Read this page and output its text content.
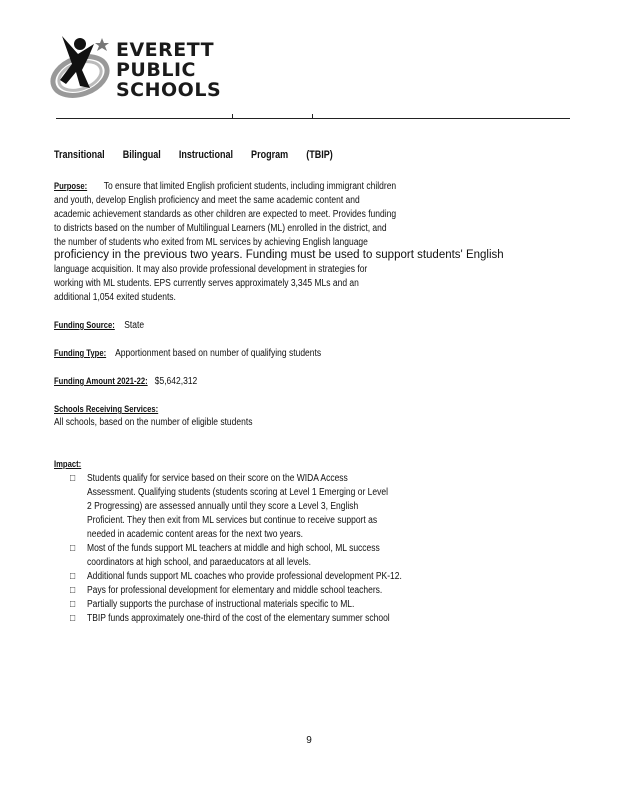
EVERETT
PUBLIC
SCHOOLS
Transitional Bilingual Instructional Program (TBIP)
Purpose: To ensure that limited English proficient students, including immigrant children
and youth, develop English proficiency and meet the same academic content and
academic achievement standards as other children are expected to meet. Provides funding
to districts based on the number of Multilingual Learners (ML) enrolled in the district, and
the number of students who exited from ML services by achieving English language
proficiency in the previous two years. Funding must be used to support students' English
language acquisition. It may also provide professional development in strategies for
working with ML students. EPS currently serves approximately 3,345 MLs and an
additional 1,054 exited students.
Funding Source: State
Funding Type: Apportionment based on number of qualifying students
Funding Amount 2021-22: $5,642,312
Schools Receiving Services:
All schools, based on the number of eligible students
Impact:
□	Students qualify for service based on their score on the WIDA Access
Assessment. Qualifying students (students scoring at Level 1 Emerging or Level
2 Progressing) are assessed annually until they score a Level 3, English
Proficient. They then exit from ML services but continue to receive support as
needed in academic content areas for the next two years.
□	Most of the funds support ML teachers at middle and high school, ML success
coordinators at high school, and paraeducators at all levels.
□	Additional funds support ML coaches who provide professional development PK-12.
□	Pays for professional development for elementary and middle school teachers.
□	Partially supports the purchase of instructional materials specific to ML.
□	TBIP funds approximately one-third of the cost of the elementary summer school
9
